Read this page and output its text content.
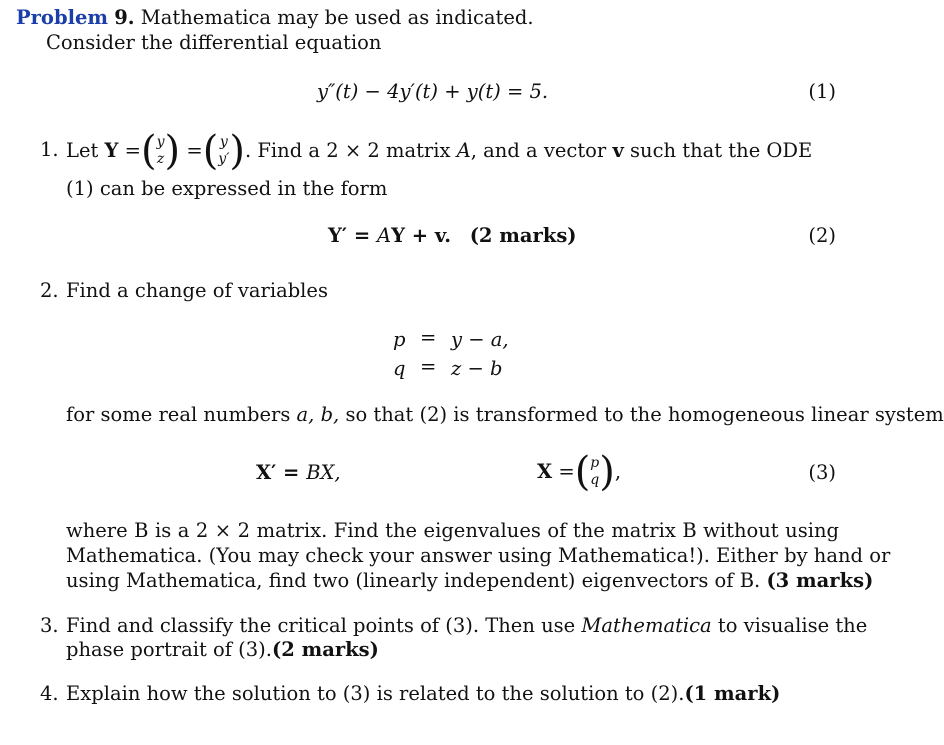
Problem 9. Mathematica may be used as indicated.
Consider the differential equation
y″(t) − 4y′(t) + y(t) = 5.	(1)
1. Let
Y
= ( y
z )
= ( y
y′ ) . Find a 2 × 2 matrix
A , and a vector
v
such that the ODE
(1) can be expressed in the form
Y′ = AY + v. (2 marks)	(2)
2. Find a change of variables
p = y − a,
q = z − b
for some real numbers a, b, so that (2) is transformed to the homogeneous linear system
X′ = BX,	X
= ( p
q ) ,	(3)
where B is a 2 × 2 matrix. Find the eigenvalues of the matrix B without using
Mathematica. (You may check your answer using Mathematica!). Either by hand or
using Mathematica, find two (linearly independent) eigenvectors of B. (3 marks)
3. Find and classify the critical points of (3). Then use Mathematica to visualise the
phase portrait of (3).(2 marks)
4. Explain how the solution to (3) is related to the solution to (2).(1 mark)
